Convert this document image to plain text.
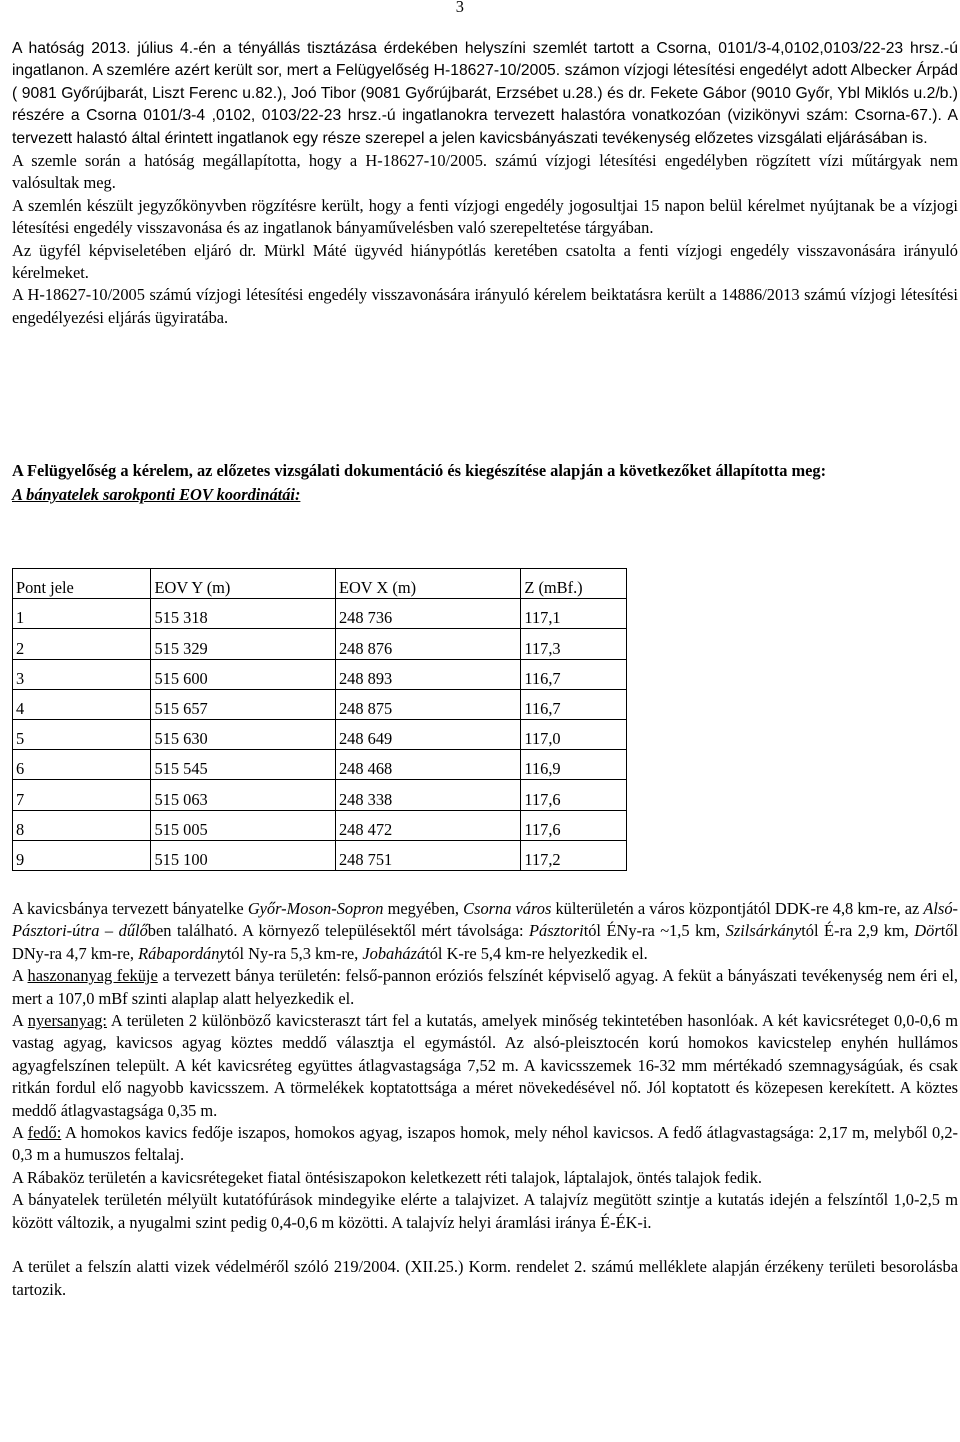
3

A hatóság 2013. július 4.-én a tényállás tisztázása érdekében helyszíni szemlét tartott a Csorna, 0101/3-4,0102,0103/22-23 hrsz.-ú ingatlanon. A szemlére azért került sor, mert a Felügyelőség H-18627-10/2005. számon vízjogi létesítési engedélyt adott Albecker Árpád ( 9081 Győrújbarát, Liszt Ferenc u.82.), Joó Tibor (9081 Győrújbarát, Erzsébet u.28.) és dr. Fekete Gábor (9010 Győr, Ybl Miklós u.2/b.) részére a Csorna 0101/3-4 ,0102, 0103/22-23 hrsz.-ú ingatlanokra tervezett halastóra vonatkozóan (vizikönyvi szám: Csorna-67.). A tervezett halastó által érintett ingatlanok egy része szerepel a jelen kavicsbányászati tevékenység előzetes vizsgálati eljárásában is.

A szemle során a hatóság megállapította, hogy a H-18627-10/2005. számú vízjogi létesítési engedélyben rögzített vízi műtárgyak nem valósultak meg.

A szemlén készült jegyzőkönyvben rögzítésre került, hogy a fenti vízjogi engedély jogosultjai 15 napon belül kérelmet nyújtanak be a vízjogi létesítési engedély visszavonása és az ingatlanok bányaművelésben való szerepeltetése tárgyában.

Az ügyfél képviseletében eljáró dr. Mürkl Máté ügyvéd hiánypótlás keretében csatolta a fenti vízjogi engedély visszavonására irányuló kérelmeket.

A H-18627-10/2005 számú vízjogi létesítési engedély visszavonására irányuló kérelem beiktatásra került a 14886/2013 számú vízjogi létesítési engedélyezési eljárás ügyiratába.

A Felügyelőség a kérelem, az előzetes vizsgálati dokumentáció és kiegészítése alapján a következőket állapította meg:

A bányatelek sarokponti EOV koordinátái:

Pont jele	EOV Y (m)	EOV X (m)	Z (mBf.)
1	515 318	248 736	117,1
2	515 329	248 876	117,3
3	515 600	248 893	116,7
4	515 657	248 875	116,7
5	515 630	248 649	117,0
6	515 545	248 468	116,9
7	515 063	248 338	117,6
8	515 005	248 472	117,6
9	515 100	248 751	117,2

A kavicsbánya tervezett bányatelke Győr-Moson-Sopron megyében, Csorna város külterületén a város központjától DDK-re 4,8 km-re, az Alsó-Pásztori-útra – dűlőben található. A környező településektől mért távolsága: Pásztoritól ÉNy-ra ~1,5 km, Szilsárkánytól É-ra 2,9 km, Dörtől DNy-ra 4,7 km-re, Rábapordánytól Ny-ra 5,3 km-re, Jobaházától K-re 5,4 km-re helyezkedik el.

A haszonanyag feküje a tervezett bánya területén: felső-pannon eróziós felszínét képviselő agyag. A feküt a bányászati tevékenység nem éri el, mert a 107,0 mBf szinti alaplap alatt helyezkedik el.

A nyersanyag: A területen 2 különböző kavicsteraszt tárt fel a kutatás, amelyek minőség tekintetében hasonlóak. A két kavicsréteget 0,0-0,6 m vastag agyag, kavicsos agyag köztes meddő választja el egymástól. Az alsó-pleisztocén korú homokos kavicstelep enyhén hullámos agyagfelszínen települt. A két kavicsréteg együttes átlagvastagsága 7,52 m. A kavicsszemek 16-32 mm mértékadó szemnagyságúak, és csak ritkán fordul elő nagyobb kavicsszem. A törmelékek koptatottsága a méret növekedésével nő. Jól koptatott és közepesen kerekített. A köztes meddő átlagvastagsága 0,35 m.

A fedő: A homokos kavics fedője iszapos, homokos agyag, iszapos homok, mely néhol kavicsos. A fedő átlagvastagsága: 2,17 m, melyből 0,2-0,3 m a humuszos feltalaj.

A Rábaköz területén a kavicsrétegeket fiatal öntésiszapokon keletkezett réti talajok, láptalajok, öntés talajok fedik.

A bányatelek területén mélyült kutatófúrások mindegyike elérte a talajvizet. A talajvíz megütött szintje a kutatás idején a felszíntől 1,0-2,5 m között változik, a nyugalmi szint pedig 0,4-0,6 m közötti. A talajvíz helyi áramlási iránya É-ÉK-i.

A terület a felszín alatti vizek védelméről szóló 219/2004. (XII.25.) Korm. rendelet 2. számú melléklete alapján érzékeny területi besorolásba tartozik.
